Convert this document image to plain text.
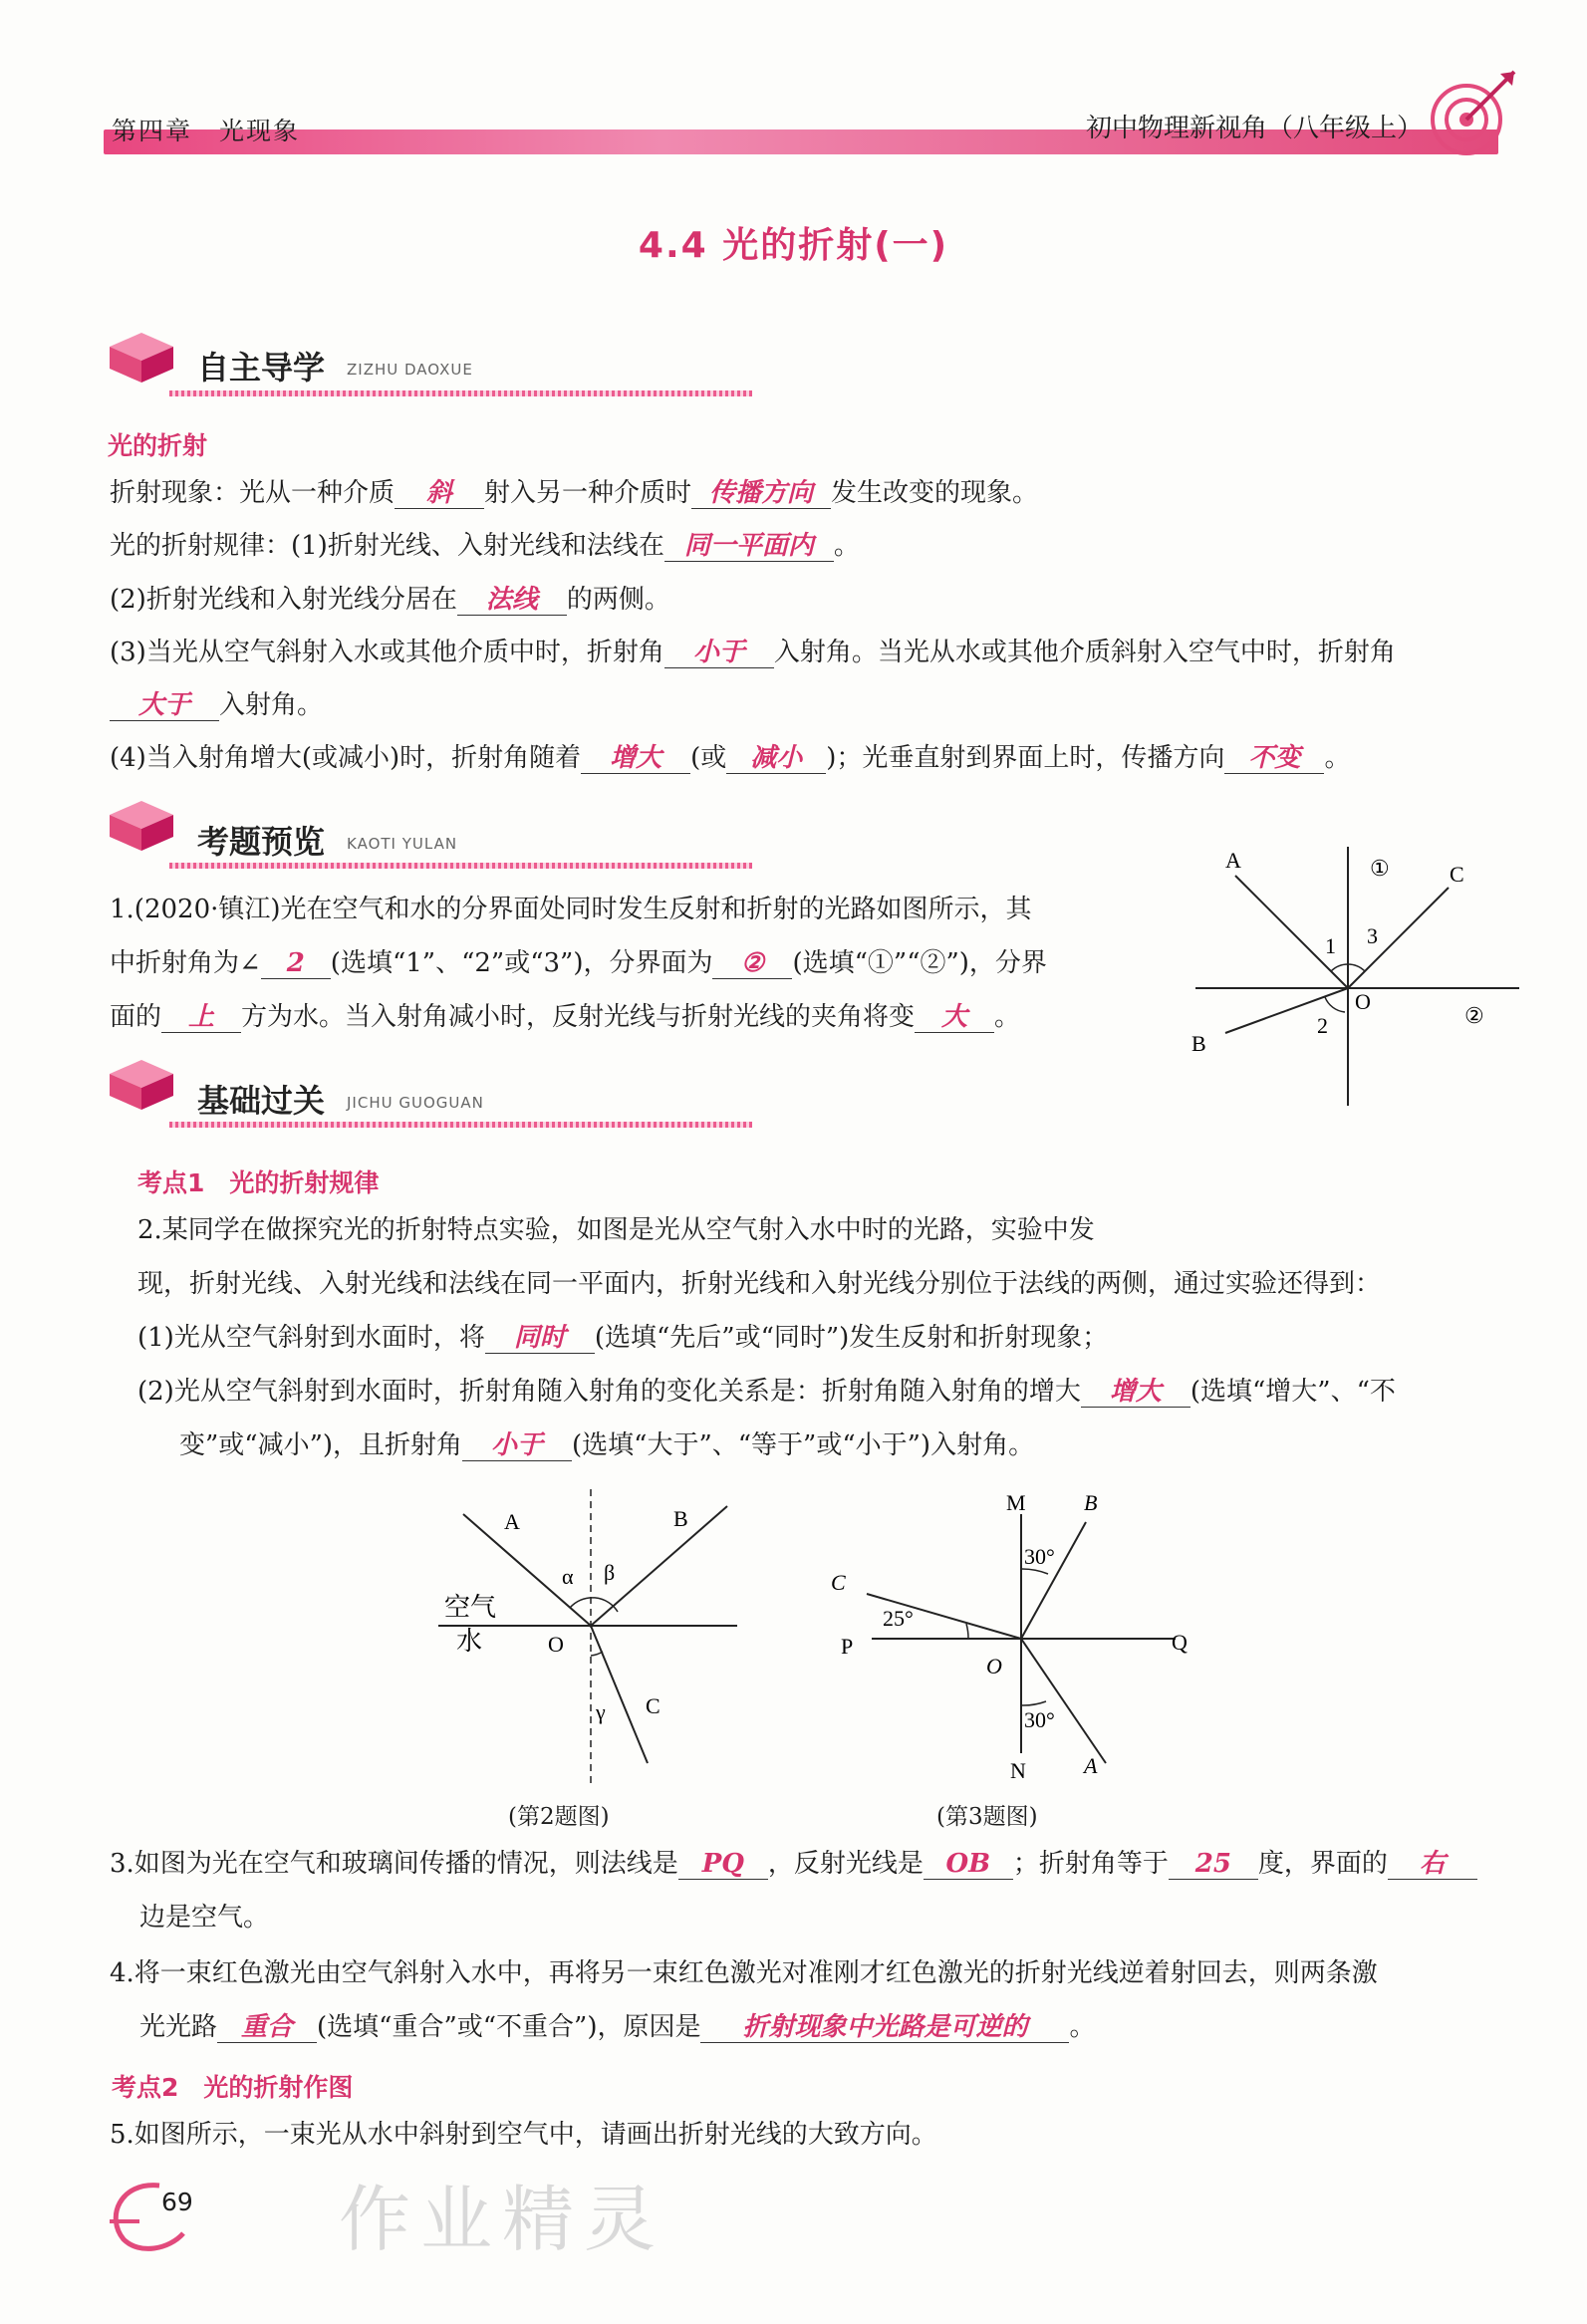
第四章　光现象	初中物理新视角（八年级上）
4.4 光的折射(一)
自主导学 ZIZHU DAOXUE
光的折射
折射现象：光从一种介质 斜 射入另一种介质时 传播方向 发生改变的现象。
光的折射规律：(1)折射光线、入射光线和法线在 同一平面内 。
(2)折射光线和入射光线分居在 法线 的两侧。
(3)当光从空气斜射入水或其他介质中时，折射角 小于 入射角。当光从水或其他介质斜射入空气中时，折射角
大于 入射角。
(4)当入射角增大(或减小)时，折射角随着 增大 (或 减小 )；光垂直射到界面上时，传播方向 不变 。
考题预览 KAOTI YULAN
1.(2020·镇江)光在空气和水的分界面处同时发生反射和折射的光路如图所示，其
中折射角为∠ 2 (选填“1”、“2”或“3”)，分界面为 ② (选填“①”“②”)，分界
面的 上 方为水。当入射角减小时，反射光线与折射光线的夹角将变 大 。
A
C
B
O
1 3
2
①
②
基础过关 JICHU GUOGUAN
考点1　光的折射规律
2.某同学在做探究光的折射特点实验，如图是光从空气射入水中时的光路，实验中发
现，折射光线、入射光线和法线在同一平面内，折射光线和入射光线分别位于法线的两侧，通过实验还得到：
(1)光从空气斜射到水面时，将 同时 (选填“先后”或“同时”)发生反射和折射现象；
(2)光从空气斜射到水面时，折射角随入射角的变化关系是：折射角随入射角的增大 增大 (选填“增大”、“不
变”或“减小”)，且折射角 小于 (选填“大于”、“等于”或“小于”)入射角。
A	B
C
O
α β
γ
空气
水
(第2题图)
M	B
C
P	Q
O
N	A
30°
25°
30°
(第3题图)
3.如图为光在空气和玻璃间传播的情况，则法线是 PQ ，反射光线是 OB ；折射角等于 25 度，界面的 右
边是空气。
4.将一束红色激光由空气斜射入水中，再将另一束红色激光对准刚才红色激光的折射光线逆着射回去，则两条激
光光路 重合 (选填“重合”或“不重合”)，原因是 折射现象中光路是可逆的 。
考点2　光的折射作图
5.如图所示，一束光从水中斜射到空气中，请画出折射光线的大致方向。
作业精灵
69
